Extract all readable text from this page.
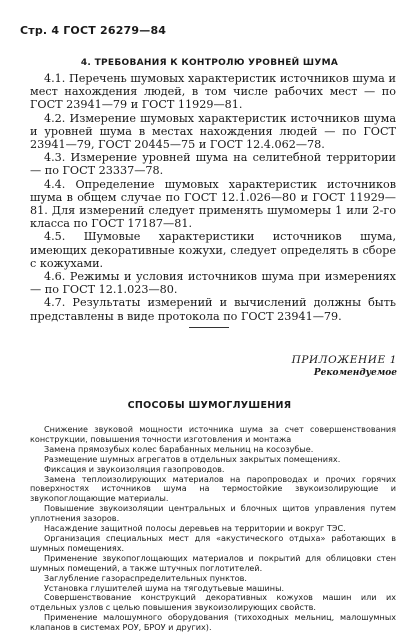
Стр. 4 ГОСТ 26279—84
4. ТРЕБОВАНИЯ К КОНТРОЛЮ УРОВНЕЙ ШУМА

4.1. Перечень шумовых характеристик источников шума и мест нахождения людей, в том числе рабочих мест — по ГОСТ 23941—79 и ГОСТ 11929—81.

4.2. Измерение шумовых характеристик источников шума и уровней шума в местах нахождения людей — по ГОСТ 23941—79, ГОСТ 20445—75 и ГОСТ 12.4.062—78.

4.3. Измерение уровней шума на селитебной территории — по ГОСТ 23337—78.

4.4. Определение шумовых характеристик источников шума в общем случае по ГОСТ 12.1.026—80 и ГОСТ 11929—81. Для измерений следует применять шумомеры 1 или 2-го класса по ГОСТ 17187—81.

4.5. Шумовые характеристики источников шума, имеющих декоративные кожухи, следует определять в сборе с кожухами.

4.6. Режимы и условия источников шума при измерениях — по ГОСТ 12.1.023—80.

4.7. Результаты измерений и вычислений должны быть представлены в виде протокола по ГОСТ 23941—79.

ПРИЛОЖЕНИЕ 1
Рекомендуемое
СПОСОБЫ ШУМОГЛУШЕНИЯ

Снижение звуковой мощности источника шума за счет совершенствования конструкции, повышения точности изготовления и монтажа

Замена прямозубых колес барабанных мельниц на косозубые.

Размещение шумных агрегатов в отдельных закрытых помещениях.

Фиксация и звукоизоляция газопроводов.

Замена теплоизолирующих материалов на паропроводах и прочих горячих поверхностях источников шума на термостойкие звукоизолирующие и звукопоглощающие материалы.

Повышение звукоизоляции центральных и блочных щитов управления путем уплотнения зазоров.

Насаждение защитной полосы деревьев на территории и вокруг ТЭС.

Организация специальных мест для «акустического отдыха» работающих в шумных помещениях.

Применение звукопоглощающих материалов и покрытий для облицовки стен шумных помещений, а также штучных поглотителей.

Заглубление газораспределительных пунктов.

Установка глушителей шума на тягодутьевые машины.

Совершенствование конструкций декоративных кожухов машин или их отдельных узлов с целью повышения звукоизолирующих свойств.

Применение малошумного оборудования (тихоходных мельниц, малошумных клапанов в системах РОУ, БРОУ и других).
